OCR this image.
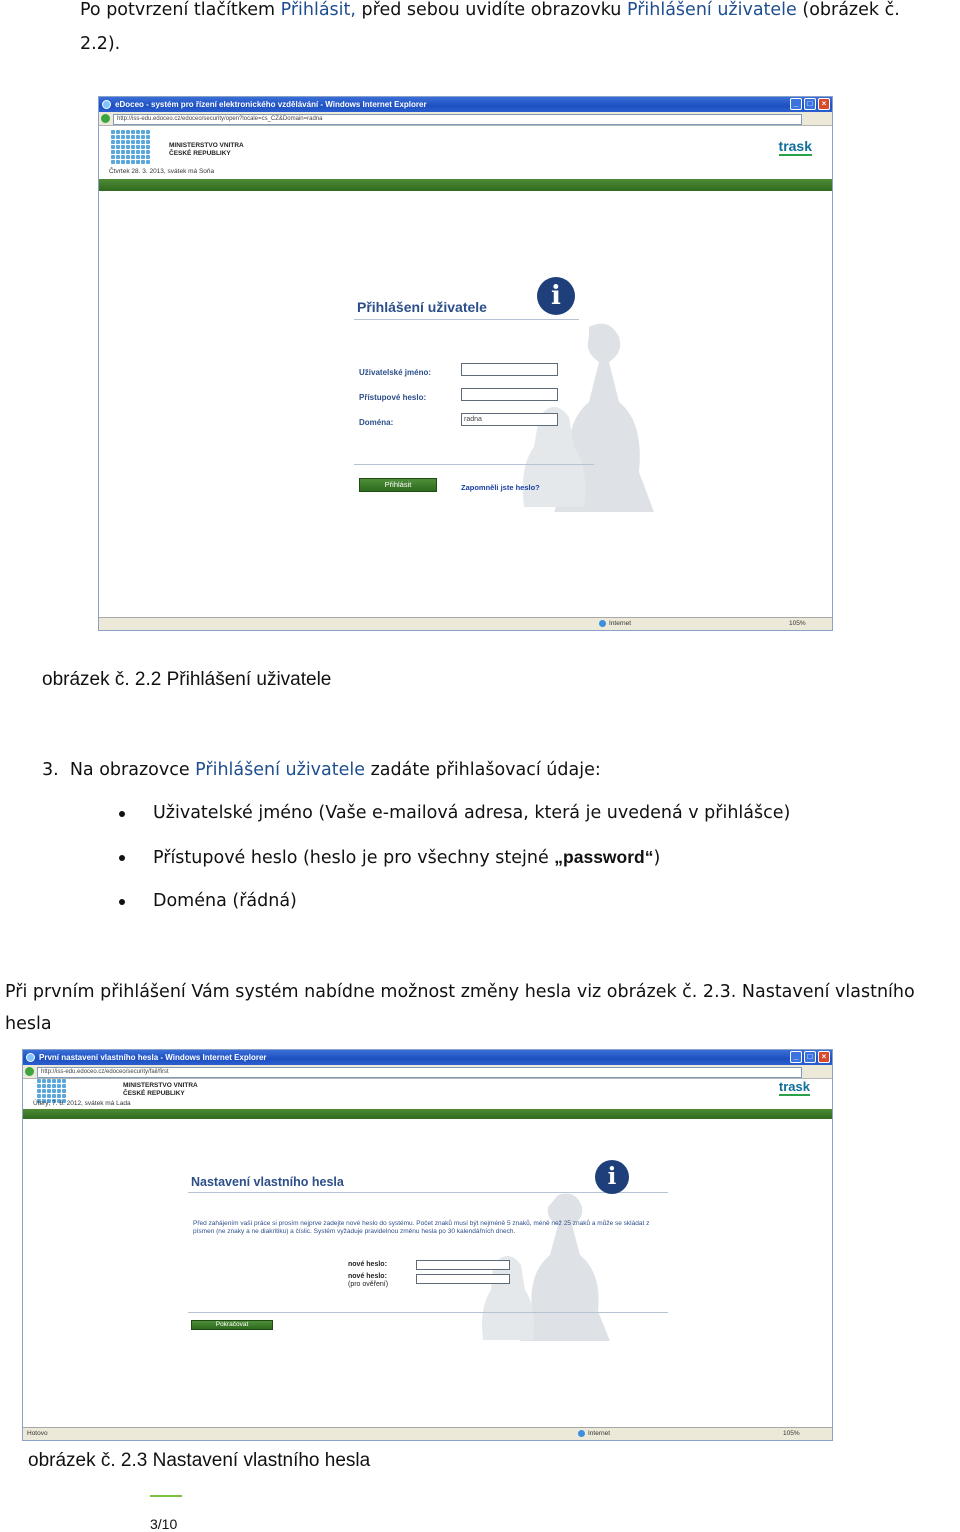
Po potvrzení tlačítkem Přihlásit, před sebou uvidíte obrazovku Přihlášení uživatele (obrázek č.
2.2).
eDoceo - systém pro řízení elektronického vzdělávání - Windows Internet Explorer	_	□	×
http://iss-edu.edoceo.cz/edoceo/security/open?locale=cs_CZ&Domain=radna
MINISTERSTVO VNITRA
ČESKÉ REPUBLIKY	trask
Čtvrtek 28. 3. 2013, svátek má Soňa
Přihlášení uživatele	i
Uživatelské jméno:
Přístupové heslo:
Doména:	radna
Přihlásit	Zapomněli jste heslo?
Internet	105%
obrázek č. 2.2 Přihlášení uživatele
3. Na obrazovce Přihlášení uživatele zadáte přihlašovací údaje:
Uživatelské jméno (Vaše e-mailová adresa, která je uvedená v přihlášce)
Přístupové heslo (heslo je pro všechny stejné „password“)
Doména (řádná)
Při prvním přihlášení Vám systém nabídne možnost změny hesla viz obrázek č. 2.3. Nastavení vlastního
hesla
První nastavení vlastního hesla - Windows Internet Explorer	_	□	×
http://iss-edu.edoceo.cz/edoceo/security/fail/first
MINISTERSTVO VNITRA
ČESKÉ REPUBLIKY	trask
Úterý, 7. 8. 2012, svátek má Lada
Nastavení vlastního hesla	i
Před zahájením vaší práce si prosím nejprve zadejte nové heslo do systému. Počet znaků musí být nejméně 5 znaků, méně než 25 znaků a může se skládat z písmen (ne znaky a ne diakritiku) a číslic. Systém vyžaduje pravidelnou změnu hesla po 30 kalendářních dnech.
nové heslo:
nové heslo:
(pro ověření)
Pokračovat
Hotovo	Internet	105%
obrázek č. 2.3 Nastavení vlastního hesla
3/10
